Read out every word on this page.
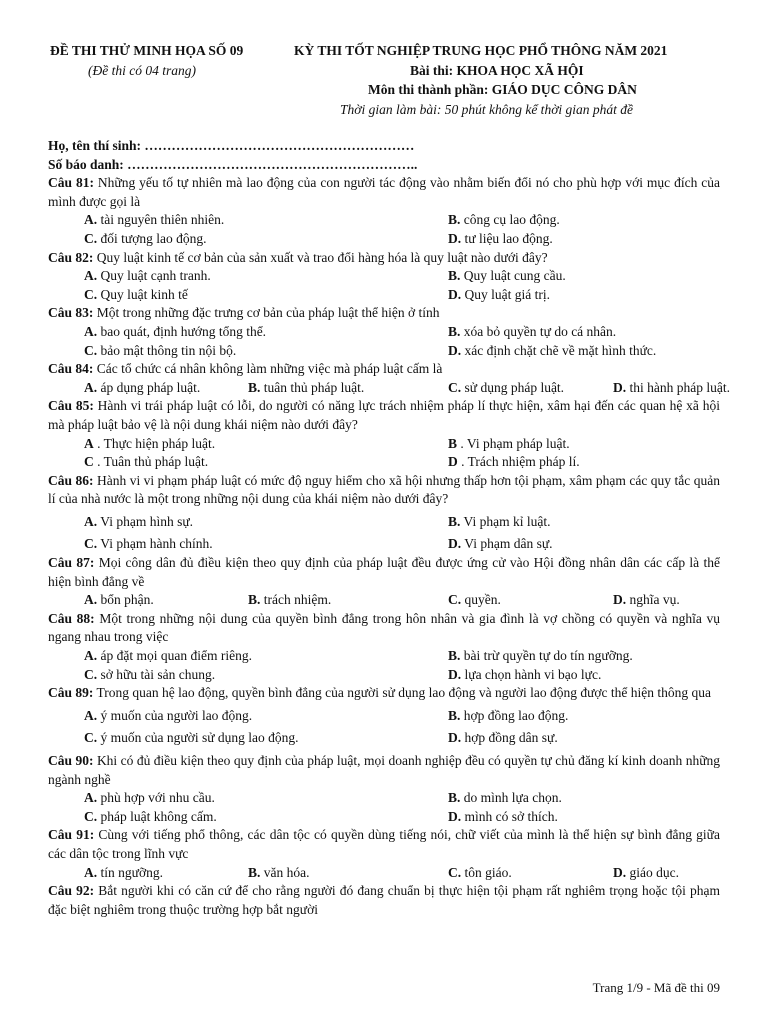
ĐỀ THI THỬ MINH HỌA SỐ 09
(Đề thi có 04 trang)
KỲ THI TỐT NGHIỆP TRUNG HỌC PHỔ THÔNG NĂM 2021
Bài thi: KHOA HỌC XÃ HỘI
Môn thi thành phần: GIÁO DỤC CÔNG DÂN
Thời gian làm bài: 50 phút không kể thời gian phát đề
Họ, tên thí sinh: ……………………………………………………
Số báo danh: ………………………………………………………..
Câu 81: Những yếu tố tự nhiên mà lao động của con người tác động vào nhằm biến đổi nó cho phù hợp với mục đích của mình được gọi là
A. tài nguyên thiên nhiên.	B. công cụ lao động.
C. đối tượng lao động.	D. tư liệu lao động.
Câu 82: Quy luật kinh tế cơ bản của sản xuất và trao đổi hàng hóa là quy luật nào dưới đây?
A. Quy luật cạnh tranh.	B. Quy luật cung cầu.
C. Quy luật kinh tế	D. Quy luật giá trị.
Câu 83: Một trong những đặc trưng cơ bản của pháp luật thể hiện ở tính
A. bao quát, định hướng tổng thể.	B. xóa bỏ quyền tự do cá nhân.
C. bảo mật thông tin nội bộ.	D. xác định chặt chẽ về mặt hình thức.
Câu 84: Các tổ chức cá nhân không làm những việc mà pháp luật cấm là
A. áp dụng pháp luật.	B. tuân thủ pháp luật.	C. sử dụng pháp luật.	D. thi hành pháp luật.
Câu 85: Hành vi trái pháp luật có lỗi, do người có năng lực trách nhiệm pháp lí thực hiện, xâm hại đến các quan hệ xã hội mà pháp luật bảo vệ là nội dung khái niệm nào dưới đây?
A . Thực hiện pháp luật.	B . Vi phạm pháp luật.
C . Tuân thủ pháp luật.	D . Trách nhiệm pháp lí.
Câu 86: Hành vi vi phạm pháp luật có mức độ nguy hiểm cho xã hội nhưng thấp hơn tội phạm, xâm phạm các quy tắc quản lí của nhà nước là một trong những nội dung của khái niệm nào dưới đây?
A. Vi phạm hình sự.	B. Vi phạm kỉ luật.
C. Vi phạm hành chính.	D. Vi phạm dân sự.
Câu 87: Mọi công dân đủ điều kiện theo quy định của pháp luật đều được ứng cử vào Hội đồng nhân dân các cấp là thể hiện bình đẳng về
A. bổn phận.	B. trách nhiệm.	C. quyền.	D. nghĩa vụ.
Câu 88: Một trong những nội dung của quyền bình đẳng trong hôn nhân và gia đình là vợ chồng có quyền và nghĩa vụ ngang nhau trong việc
A. áp đặt mọi quan điểm riêng.	B. bài trừ quyền tự do tín ngưỡng.
C. sở hữu tài sản chung.	D. lựa chọn hành vi bạo lực.
Câu 89: Trong quan hệ lao động, quyền bình đẳng của người sử dụng lao động và người lao động được thể hiện thông qua
A. ý muốn của người lao động.	B. hợp đồng lao động.
C. ý muốn của người sử dụng lao động.	D. hợp đồng dân sự.
Câu 90: Khi có đủ điều kiện theo quy định của pháp luật, mọi doanh nghiệp đều có quyền tự chủ đăng kí kinh doanh những ngành nghề
A. phù hợp với nhu cầu.	B. do mình lựa chọn.
C. pháp luật không cấm.	D. mình có sở thích.
Câu 91: Cùng với tiếng phổ thông, các dân tộc có quyền dùng tiếng nói, chữ viết của mình là thể hiện sự bình đẳng giữa các dân tộc trong lĩnh vực
A. tín ngưỡng.	B. văn hóa.	C. tôn giáo.	D. giáo dục.
Câu 92: Bắt người khi có căn cứ để cho rằng người đó đang chuẩn bị thực hiện tội phạm rất nghiêm trọng hoặc tội phạm đặc biệt nghiêm trong thuộc trường hợp bắt người
Trang 1/9 - Mã đề thi 09
